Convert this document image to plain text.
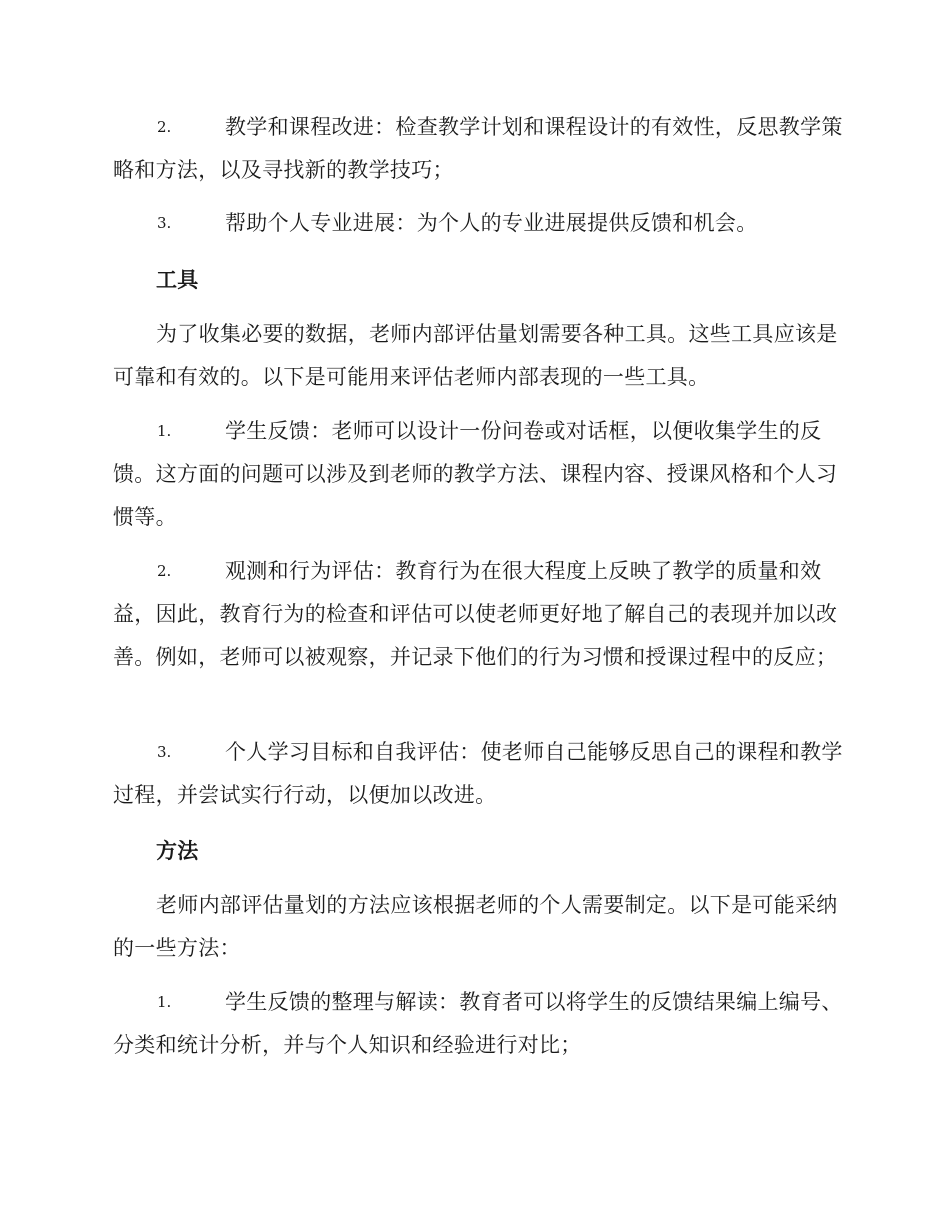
2.	教学和课程改进：检查教学计划和课程设计的有效性，反思教学策略和方法，以及寻找新的教学技巧；
3.	帮助个人专业进展：为个人的专业进展提供反馈和机会。
工具
为了收集必要的数据，老师内部评估量划需要各种工具。这些工具应该是可靠和有效的。以下是可能用来评估老师内部表现的一些工具。
1.	学生反馈：老师可以设计一份问卷或对话框，以便收集学生的反馈。这方面的问题可以涉及到老师的教学方法、课程内容、授课风格和个人习惯等。
2.	观测和行为评估：教育行为在很大程度上反映了教学的质量和效益，因此，教育行为的检查和评估可以使老师更好地了解自己的表现并加以改善。例如，老师可以被观察，并记录下他们的行为习惯和授课过程中的反应；
3.	个人学习目标和自我评估：使老师自己能够反思自己的课程和教学过程，并尝试实行行动，以便加以改进。
方法
老师内部评估量划的方法应该根据老师的个人需要制定。以下是可能采纳的一些方法：
1.	学生反馈的整理与解读：教育者可以将学生的反馈结果编上编号、分类和统计分析，并与个人知识和经验进行对比；
